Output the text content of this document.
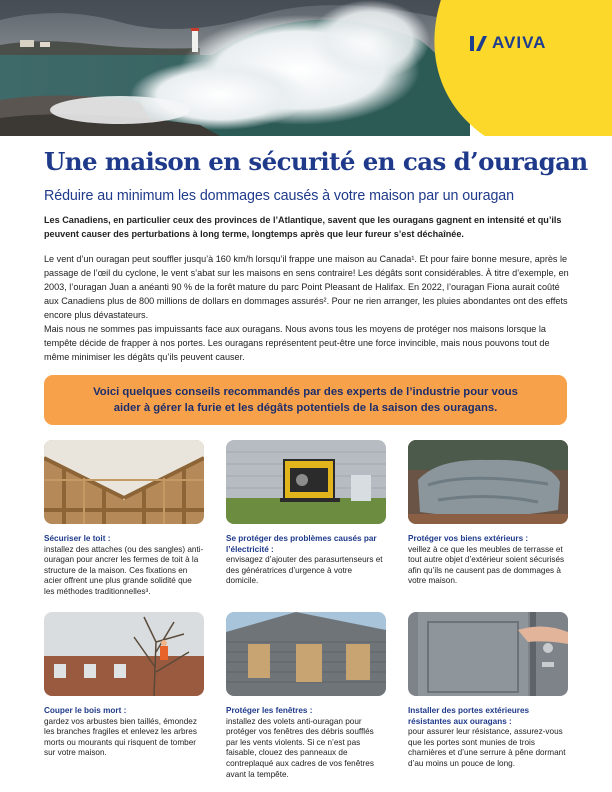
AVIVA
Une maison en sécurité en cas d’ouragan
Réduire au minimum les dommages causés à votre maison par un ouragan

Les Canadiens, en particulier ceux des provinces de l’Atlantique, savent que les ouragans gagnent en intensité et qu’ils peuvent causer des perturbations à long terme, longtemps après que leur fureur s’est déchaînée.

Le vent d’un ouragan peut souffler jusqu’à 160 km/h lorsqu’il frappe une maison au Canada¹. Et pour faire bonne mesure, après le passage de l’œil du cyclone, le vent s’abat sur les maisons en sens contraire! Les dégâts sont considérables. À titre d’exemple, en 2003, l’ouragan Juan a anéanti 90 % de la forêt mature du parc Point Pleasant de Halifax. En 2022, l’ouragan Fiona aurait coûté aux Canadiens plus de 800 millions de dollars en dommages assurés². Pour ne rien arranger, les pluies abondantes ont des effets encore plus dévastateurs.

Mais nous ne sommes pas impuissants face aux ouragans. Nous avons tous les moyens de protéger nos maisons lorsque la tempête décide de frapper à nos portes. Les ouragans représentent peut-être une force invincible, mais nous pouvons tout de même minimiser les dégâts qu’ils peuvent causer.

Voici quelques conseils recommandés par des experts de l’industrie pour vous aider à gérer la furie et les dégâts potentiels de la saison des ouragans.
Sécuriser le toit :
installez des attaches (ou des sangles) anti-ouragan pour ancrer les fermes de toit à la structure de la maison. Ces fixations en acier offrent une plus grande solidité que les méthodes traditionnelles³.
Se protéger des problèmes causés par l’électricité :
envisagez d’ajouter des parasurtenseurs et des génératrices d’urgence à votre domicile.
Protéger vos biens extérieurs :
veillez à ce que les meubles de terrasse et tout autre objet d’extérieur soient sécurisés afin qu’ils ne causent pas de dommages à votre maison.
Couper le bois mort :
gardez vos arbustes bien taillés, émondez les branches fragiles et enlevez les arbres morts ou mourants qui risquent de tomber sur votre maison.
Protéger les fenêtres :
installez des volets anti-ouragan pour protéger vos fenêtres des débris soufflés par les vents violents. Si ce n’est pas faisable, clouez des panneaux de contreplaqué aux cadres de vos fenêtres avant la tempête.
Installer des portes extérieures résistantes aux ouragans :
pour assurer leur résistance, assurez-vous que les portes sont munies de trois charnières et d’une serrure à pêne dormant d’au moins un pouce de long.
